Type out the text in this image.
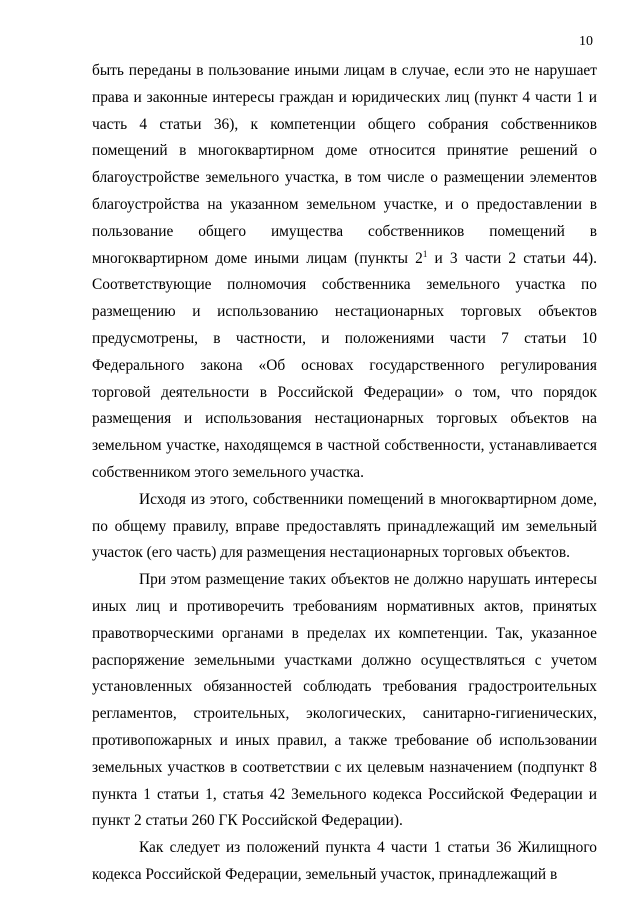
10

быть переданы в пользование иными лицам в случае, если это не нарушает права и законные интересы граждан и юридических лиц (пункт 4 части 1 и часть 4 статьи 36), к компетенции общего собрания собственников помещений в многоквартирном доме относится принятие решений о благоустройстве земельного участка, в том числе о размещении элементов благоустройства на указанном земельном участке, и о предоставлении в пользование общего имущества собственников помещений в многоквартирном доме иными лицам (пункты $2^1$ и 3 части 2 статьи 44). Соответствующие полномочия собственника земельного участка по размещению и использованию нестационарных торговых объектов предусмотрены, в частности, и положениями части 7 статьи 10 Федерального закона «Об основах государственного регулирования торговой деятельности в Российской Федерации» о том, что порядок размещения и использования нестационарных торговых объектов на земельном участке, находящемся в частной собственности, устанавливается собственником этого земельного участка.

Исходя из этого, собственники помещений в многоквартирном доме, по общему правилу, вправе предоставлять принадлежащий им земельный участок (его часть) для размещения нестационарных торговых объектов.

При этом размещение таких объектов не должно нарушать интересы иных лиц и противоречить требованиям нормативных актов, принятых правотворческими органами в пределах их компетенции. Так, указанное распоряжение земельными участками должно осуществляться с учетом установленных обязанностей соблюдать требования градостроительных регламентов, строительных, экологических, санитарно-гигиенических, противопожарных и иных правил, а также требование об использовании земельных участков в соответствии с их целевым назначением (подпункт 8 пункта 1 статьи 1, статья 42 Земельного кодекса Российской Федерации и пункт 2 статьи 260 ГК Российской Федерации).

Как следует из положений пункта 4 части 1 статьи 36 Жилищного кодекса Российской Федерации, земельный участок, принадлежащий в
